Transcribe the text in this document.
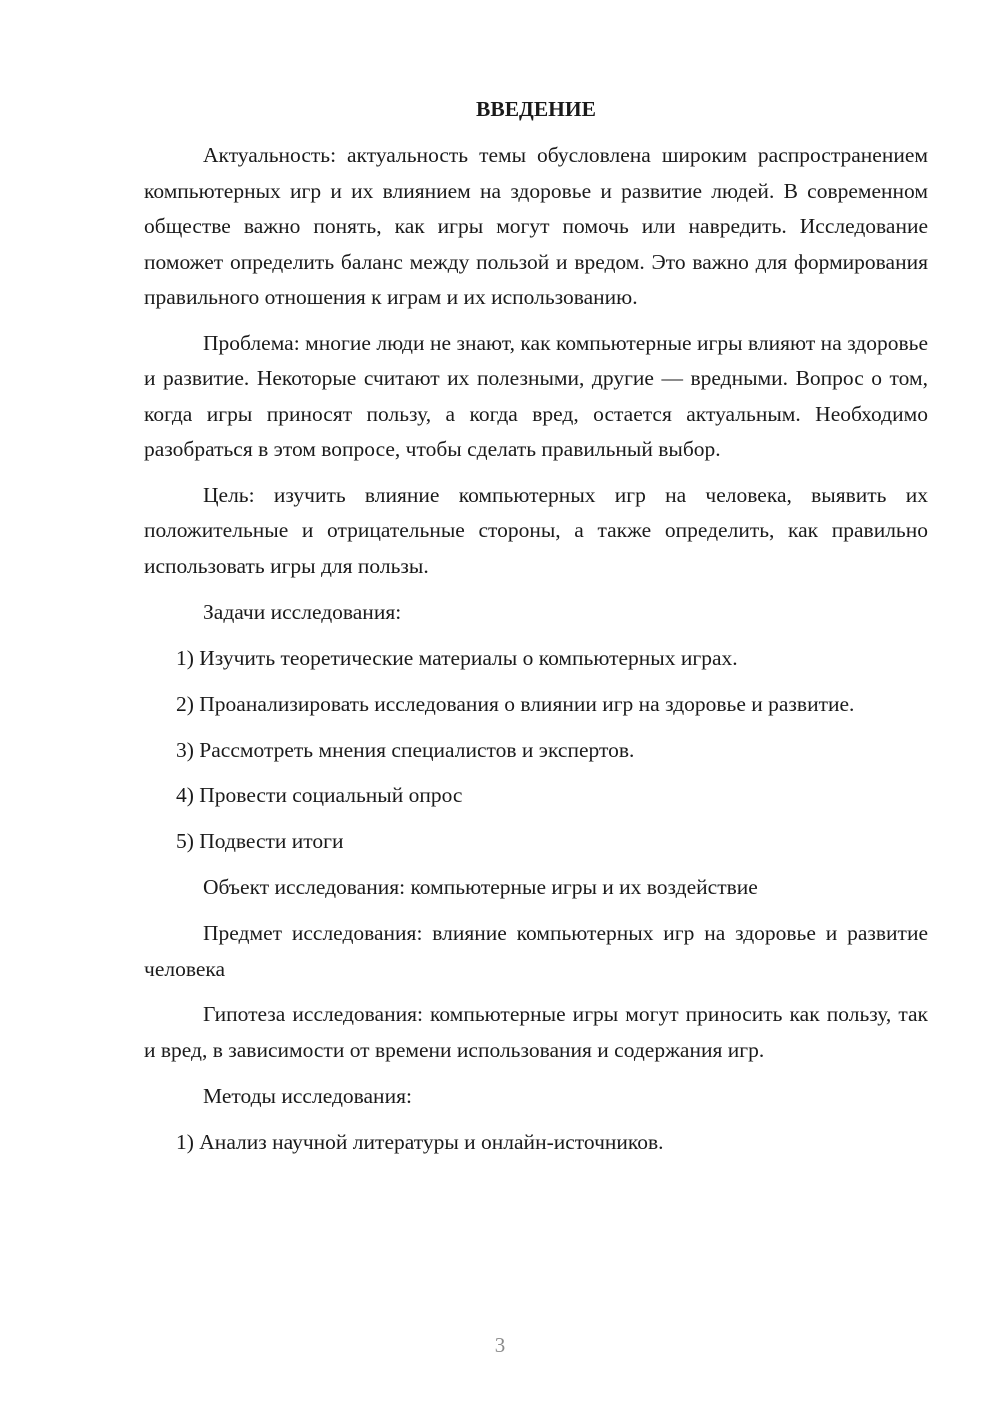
ВВЕДЕНИЕ
Актуальность: актуальность темы обусловлена широким распространением компьютерных игр и их влиянием на здоровье и развитие людей. В современном обществе важно понять, как игры могут помочь или навредить. Исследование поможет определить баланс между пользой и вредом. Это важно для формирования правильного отношения к играм и их использованию.
Проблема: многие люди не знают, как компьютерные игры влияют на здоровье и развитие. Некоторые считают их полезными, другие — вредными. Вопрос о том, когда игры приносят пользу, а когда вред, остается актуальным. Необходимо разобраться в этом вопросе, чтобы сделать правильный выбор.
Цель: изучить влияние компьютерных игр на человека, выявить их положительные и отрицательные стороны, а также определить, как правильно использовать игры для пользы.
Задачи исследования:
1) Изучить теоретические материалы о компьютерных играх.
2) Проанализировать исследования о влиянии игр на здоровье и развитие.
3) Рассмотреть мнения специалистов и экспертов.
4) Провести социальный опрос
5) Подвести итоги
Объект исследования: компьютерные игры и их воздействие
Предмет исследования: влияние компьютерных игр на здоровье и развитие человека
Гипотеза исследования: компьютерные игры могут приносить как пользу, так и вред, в зависимости от времени использования и содержания игр.
Методы исследования:
1) Анализ научной литературы и онлайн-источников.
3
